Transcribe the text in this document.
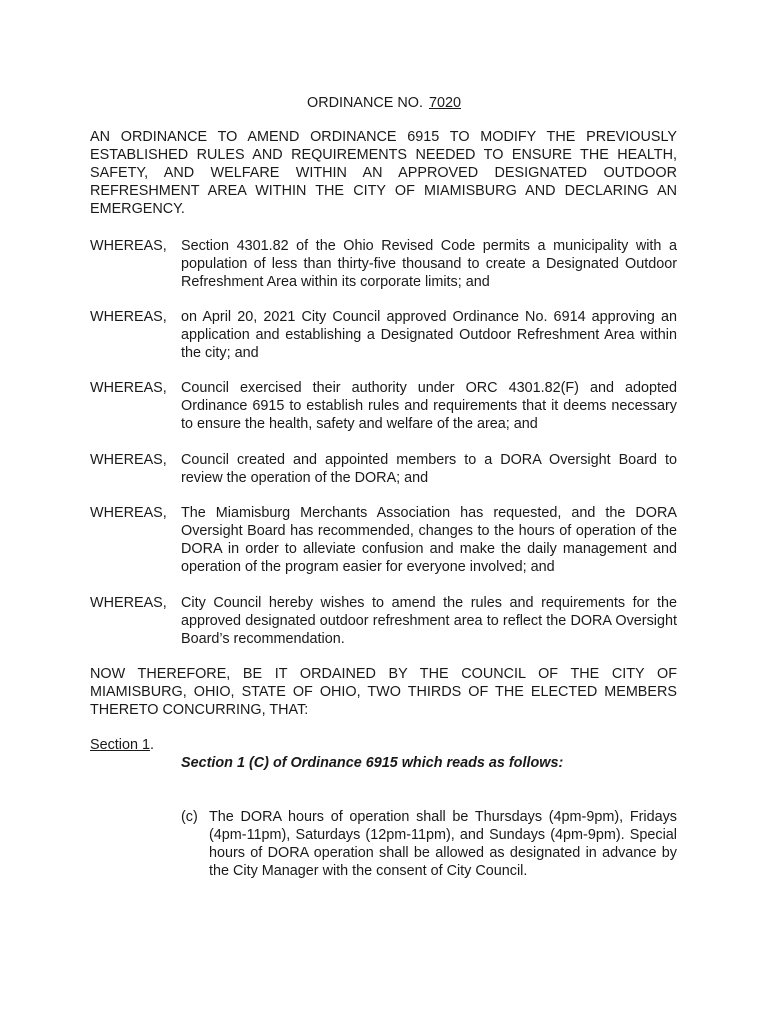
ORDINANCE NO. 7020
AN ORDINANCE TO AMEND ORDINANCE 6915 TO MODIFY THE PREVIOUSLY ESTABLISHED RULES AND REQUIREMENTS NEEDED TO ENSURE THE HEALTH, SAFETY, AND WELFARE WITHIN AN APPROVED DESIGNATED OUTDOOR REFRESHMENT AREA WITHIN THE CITY OF MIAMISBURG AND DECLARING AN EMERGENCY.
WHEREAS, Section 4301.82 of the Ohio Revised Code permits a municipality with a population of less than thirty-five thousand to create a Designated Outdoor Refreshment Area within its corporate limits; and
WHEREAS, on April 20, 2021 City Council approved Ordinance No. 6914 approving an application and establishing a Designated Outdoor Refreshment Area within the city; and
WHEREAS, Council exercised their authority under ORC 4301.82(F) and adopted Ordinance 6915 to establish rules and requirements that it deems necessary to ensure the health, safety and welfare of the area; and
WHEREAS, Council created and appointed members to a DORA Oversight Board to review the operation of the DORA; and
WHEREAS, The Miamisburg Merchants Association has requested, and the DORA Oversight Board has recommended, changes to the hours of operation of the DORA in order to alleviate confusion and make the daily management and operation of the program easier for everyone involved; and
WHEREAS, City Council hereby wishes to amend the rules and requirements for the approved designated outdoor refreshment area to reflect the DORA Oversight Board’s recommendation.
NOW THEREFORE, BE IT ORDAINED BY THE COUNCIL OF THE CITY OF MIAMISBURG, OHIO, STATE OF OHIO, TWO THIRDS OF THE ELECTED MEMBERS THERETO CONCURRING, THAT:
Section 1.
Section 1 (C) of Ordinance 6915 which reads as follows:
(c) The DORA hours of operation shall be Thursdays (4pm-9pm), Fridays (4pm-11pm), Saturdays (12pm-11pm), and Sundays (4pm-9pm). Special hours of DORA operation shall be allowed as designated in advance by the City Manager with the consent of City Council.
